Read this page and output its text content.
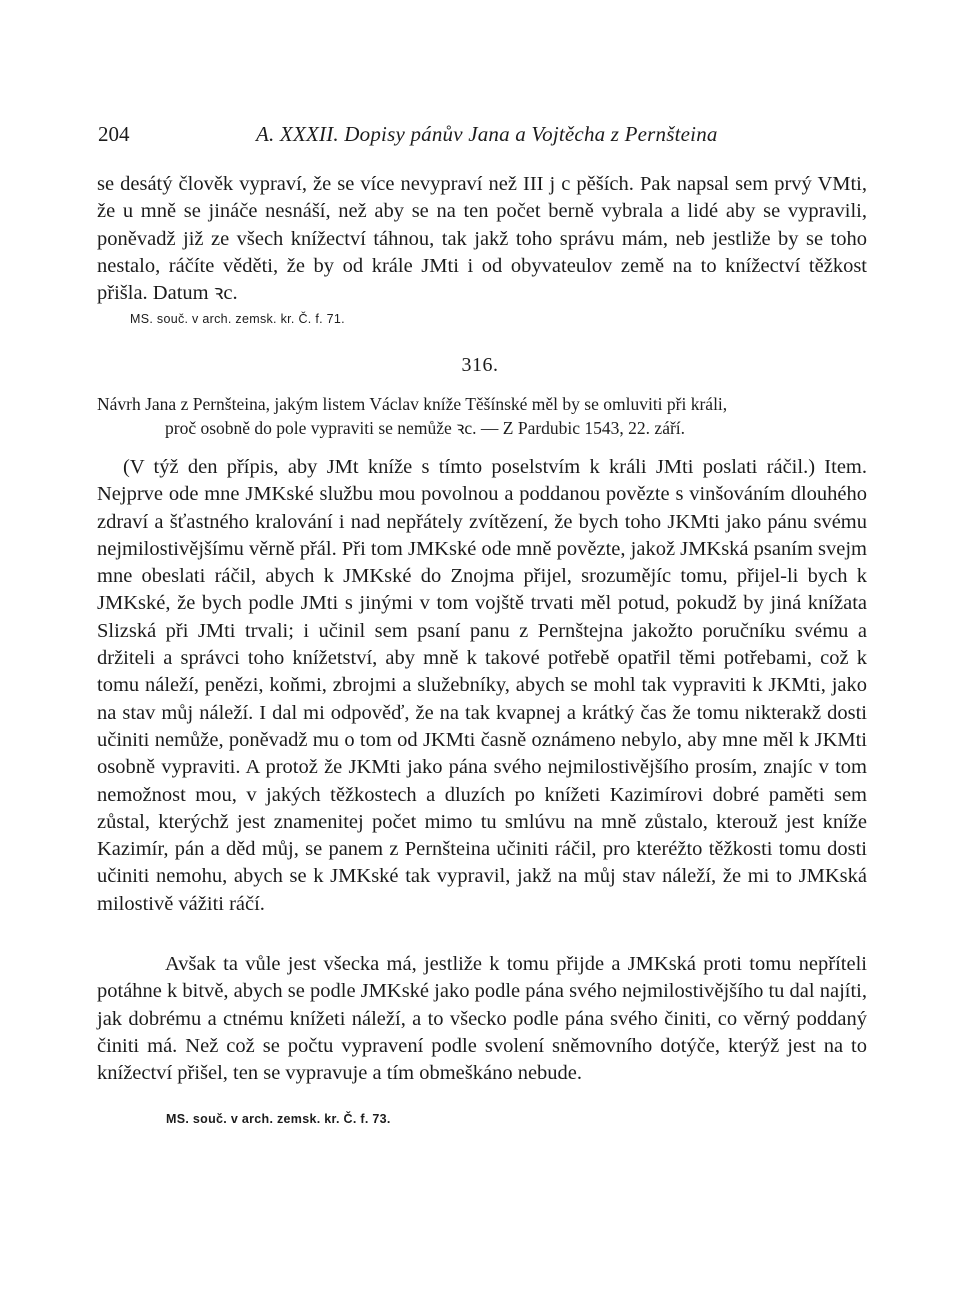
204	A. XXXII. Dopisy pánův Jana a Vojtěcha z Pernšteina
se desátý člověk vypraví, že se více nevypraví než III j c pěších. Pak napsal sem prvý VMti, že u mně se jináče nesnáší, než aby se na ten počet berně vybrala a lidé aby se vypravili, poněvadž již ze všech knížectví táhnou, tak jakž toho správu mám, neb jestliže by se toho nestalo, ráčíte věděti, že by od krále JMti i od obyvateulov země na to knížectví těžkost přišla. Datum ꝛc.
MS. souč. v arch. zemsk. kr. Č. f. 71.
316.
Návrh Jana z Pernšteina, jakým listem Václav kníže Těšínské měl by se omluviti při králi,
proč osobně do pole vypraviti se nemůže ꝛc. — Z Pardubic 1543, 22. září.

(V týž den přípis, aby JMt kníže s tímto poselstvím k králi JMti poslati ráčil.) Item. Nejprve ode mne JMKské službu mou povolnou a poddanou povězte s vinšováním dlouhého zdraví a šťastného kralování i nad nepřátely zvítězení, že bych toho JKMti jako pánu svému nejmilostivějšímu věrně přál. Při tom JMKské ode mně povězte, jakož JMKská psaním svejm mne obeslati ráčil, abych k JMKské do Znojma přijel, srozumějíc tomu, přijel-li bych k JMKské, že bych podle JMti s jinými v tom vojště trvati měl potud, pokudž by jiná knížata Slizská při JMti trvali; i učinil sem psaní panu z Pernštejna jakožto poručníku svému a držiteli a správci toho knížetství, aby mně k takové potřebě opatřil těmi potřebami, což k tomu náleží, penězi, koňmi, zbrojmi a služebníky, abych se mohl tak vypraviti k JKMti, jako na stav můj náleží. I dal mi odpověď, že na tak kvapnej a krátký čas že tomu nikterakž dosti učiniti nemůže, poněvadž mu o tom od JKMti časně oznámeno nebylo, aby mne měl k JKMti osobně vypraviti. A protož že JKMti jako pána svého nejmilostivějšího prosím, znajíc v tom nemožnost mou, v jakých těžkostech a dluzích po knížeti Kazimírovi dobré paměti sem zůstal, kterýchž jest znamenitej počet mimo tu smlúvu na mně zůstalo, kterouž jest kníže Kazimír, pán a děd můj, se panem z Pernšteina učiniti ráčil, pro kteréžto těžkosti tomu dosti učiniti nemohu, abych se k JMKské tak vypravil, jakž na můj stav náleží, že mi to JMKská milostivě vážiti ráčí.

Avšak ta vůle jest všecka má, jestliže k tomu přijde a JMKská proti tomu nepříteli potáhne k bitvě, abych se podle JMKské jako podle pána svého nejmilostivějšího tu dal najíti, jak dobrému a ctnému knížeti náleží, a to všecko podle pána svého činiti, co věrný poddaný činiti má. Než což se počtu vypravení podle svolení sněmovního dotýče, kterýž jest na to knížectví přišel, ten se vypravuje a tím obmeškáno nebude.

MS. souč. v arch. zemsk. kr. Č. f. 73.
